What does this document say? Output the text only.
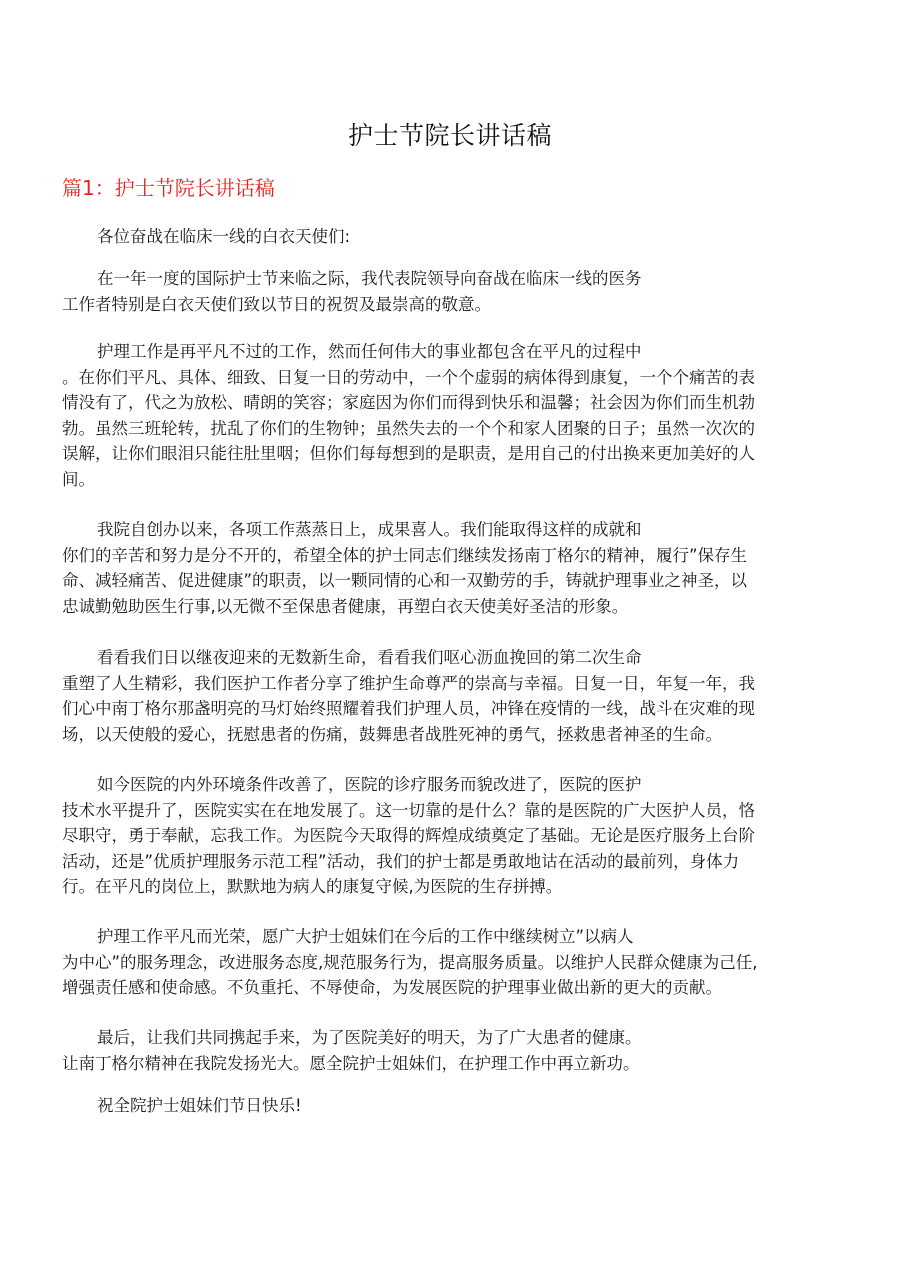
护士节院长讲话稿
篇1：护士节院长讲话稿
各位奋战在临床一线的白衣天使们:
在一年一度的国际护士节来临之际，我代表院领导向奋战在临床一线的医务
工作者特别是白衣天使们致以节日的祝贺及最崇高的敬意。
护理工作是再平凡不过的工作，然而任何伟大的事业都包含在平凡的过程中
。在你们平凡、具体、细致、日复一日的劳动中，一个个虚弱的病体得到康复，一个个痛苦的表
情没有了，代之为放松、晴朗的笑容；家庭因为你们而得到快乐和温馨；社会因为你们而生机勃
勃。虽然三班轮转，扰乱了你们的生物钟；虽然失去的一个个和家人团聚的日子；虽然一次次的
误解，让你们眼泪只能往肚里咽；但你们每每想到的是职责，是用自己的付出换来更加美好的人
间。
我院自创办以来，各项工作蒸蒸日上，成果喜人。我们能取得这样的成就和
你们的辛苦和努力是分不开的，希望全体的护士同志们继续发扬南丁格尔的精神，履行”保存生
命、减轻痛苦、促进健康”的职责，以一颗同情的心和一双勤劳的手，铸就护理事业之神圣，以
忠诚勤勉助医生行事,以无微不至保患者健康，再塑白衣天使美好圣洁的形象。
看看我们日以继夜迎来的无数新生命，看看我们呕心沥血挽回的第二次生命
重塑了人生精彩，我们医护工作者分享了维护生命尊严的崇高与幸福。日复一日，年复一年，我
们心中南丁格尔那盏明亮的马灯始终照耀着我们护理人员，冲锋在疫情的一线，战斗在灾难的现
场，以天使般的爱心，抚慰患者的伤痛，鼓舞患者战胜死神的勇气，拯救患者神圣的生命。
如今医院的内外环境条件改善了，医院的诊疗服务而貌改进了，医院的医护
技术水平提升了，医院实实在在地发展了。这一切靠的是什么？靠的是医院的广大医护人员，恪
尽职守，勇于奉献，忘我工作。为医院今天取得的辉煌成绩奠定了基础。无论是医疗服务上台阶
活动，还是”优质护理服务示范工程”活动，我们的护士都是勇敢地诂在活动的最前列，身体力
行。在平凡的岗位上，默默地为病人的康复守候,为医院的生存拼搏。
护理工作平凡而光荣，愿广大护士姐妹们在今后的工作中继续树立”以病人
为中心”的服务理念，改进服务态度,规范服务行为，提高服务质量。以维护人民群众健康为己任,
增强责任感和使命感。不负重托、不辱使命，为发展医院的护理事业做出新的更大的贡献。
最后，让我们共同携起手来，为了医院美好的明天，为了广大患者的健康。
让南丁格尔精神在我院发扬光大。愿全院护士姐妹们，在护理工作中再立新功。
祝全院护士姐妹们节日快乐!
